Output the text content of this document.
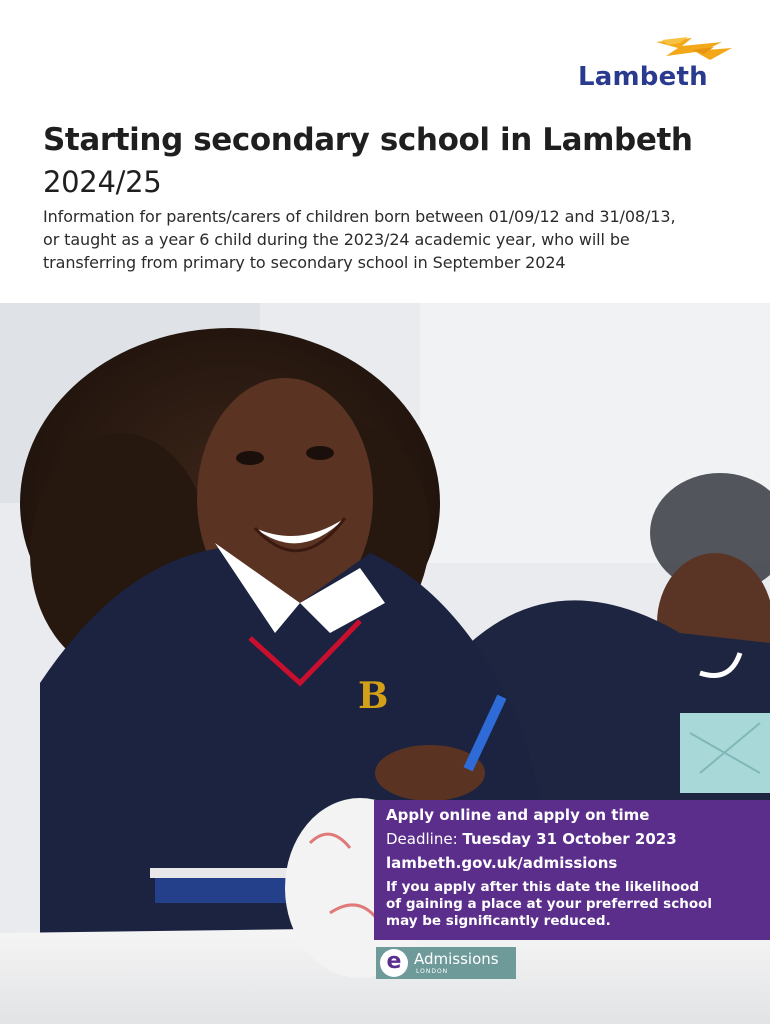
Lambeth
Starting secondary school in Lambeth
2024/25
Information for parents/carers of children born between 01/09/12 and 31/08/13,
or taught as a year 6 child during the 2023/24 academic year, who will be
transferring from primary to secondary school in September 2024
B
Apply online and apply on time
Deadline: Tuesday 31 October 2023
lambeth.gov.uk/admissions
If you apply after this date the likelihood
of gaining a place at your preferred school
may be significantly reduced.
e Admissions
LONDON
